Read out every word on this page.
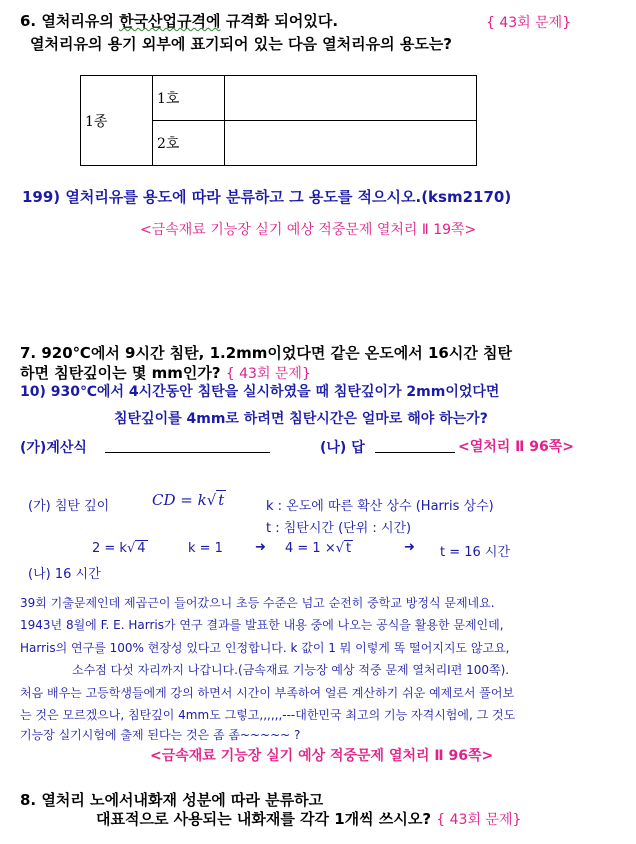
6. 열처리유의 한국산업규격에 규격화 되어있다.	{ 43회 문제}
열처리유의 용기 외부에 표기되어 있는 다음 열처리유의 용도는?
1종	1호	
	2호	
199) 열처리유를 용도에 따라 분류하고 그 용도를 적으시오.(ksm2170)
<금속재료 기능장 실기 예상 적중문제 열처리 Ⅱ 19쪽>
7. 920℃에서 9시간 침탄, 1.2mm이었다면 같은 온도에서 16시간 침탄
하면 침탄깊이는 몇 mm인가? { 43회 문제}
10) 930℃에서 4시간동안 침탄을 실시하였을 때 침탄깊이가 2mm이었다면
침탄깊이를 4mm로 하려면 침탄시간은 얼마로 해야 하는가?
(가)계산식	(나) 답	<열처리 Ⅱ 96쪽>
(가) 침탄 깊이	CD = k√ t	k : 온도에 따른 확산 상수 (Harris 상수)
t : 침탄시간 (단위 : 시간)
2 = k√ 4	k = 1 ➜ 4 = 1 ×√ t	➜ t = 16 시간
(나) 16 시간
39회 기출문제인데 제곱근이 들어갔으니 초등 수준은 넘고 순전히 중학교 방정식 문제네요.
1943년 8월에 F. E. Harris가 연구 결과를 발표한 내용 중에 나오는 공식을 활용한 문제인데,
Harris의 연구를 100% 현장성 있다고 인정합니다. k 값이 1 뭐 이렇게 똑 떨어지지도 않고요,
소수점 다섯 자리까지 나갑니다.(금속재료 기능장 예상 적중 문제 열처리Ⅰ편 100쪽).
처음 배우는 고등학생들에게 강의 하면서 시간이 부족하여 얼른 계산하기 쉬운 예제로서 풀어보
는 것은 모르겠으나, 침탄깊이 4mm도 그렇고,,,,,,---대한민국 최고의 기능 자격시험에, 그 것도
기능장 실기시험에 출제 된다는 것은 좀 좀~~~~~ ?
<금속재료 기능장 실기 예상 적중문제 열처리 Ⅱ 96쪽>
8. 열처리 노에서내화재 성분에 따라 분류하고
대표적으로 사용되는 내화재를 각각 1개씩 쓰시오? { 43회 문제}
